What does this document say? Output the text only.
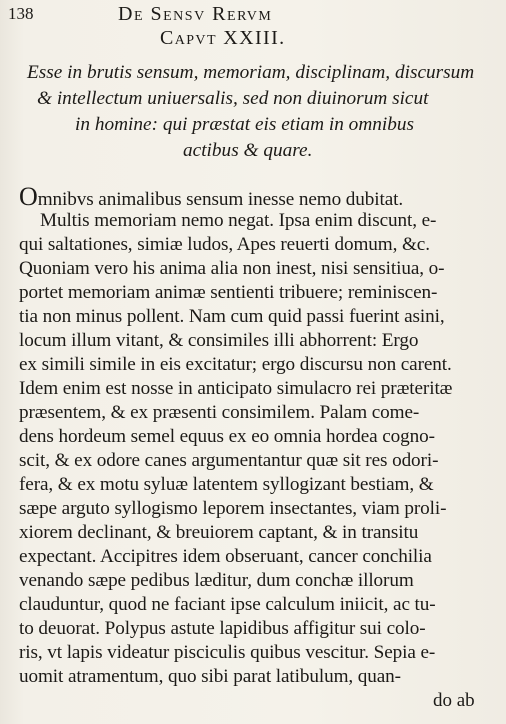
138	De Sensv Rervm
Capvt XXIII.
Esse in brutis sensum, memoriam, disciplinam, discursum
& intellectum uniuersalis, sed non diuinorum sicut
in homine: qui præstat eis etiam in omnibus
actibus & quare.
Omnibvs animalibus sensum inesse nemo dubitat.
Multis memoriam nemo negat. Ipsa enim discunt, e-
qui saltationes, simiæ ludos, Apes reuerti domum, &c.
Quoniam vero his anima alia non inest, nisi sensitiua, o-
portet memoriam animæ sentienti tribuere; reminiscen-
tia non minus pollent. Nam cum quid passi fuerint asini,
locum illum vitant, & consimiles illi abhorrent: Ergo
ex simili simile in eis excitatur; ergo discursu non carent.
Idem enim est nosse in anticipato simulacro rei præteritæ
præsentem, & ex præsenti consimilem. Palam come-
dens hordeum semel equus ex eo omnia hordea cogno-
scit, & ex odore canes argumentantur quæ sit res odori-
fera, & ex motu syluæ latentem syllogizant bestiam, &
sæpe arguto syllogismo leporem insectantes, viam proli-
xiorem declinant, & breuiorem captant, & in transitu
expectant. Accipitres idem obseruant, cancer conchilia
venando sæpe pedibus læditur, dum conchæ illorum
clauduntur, quod ne faciant ipse calculum iniicit, ac tu-
to deuorat. Polypus astute lapidibus affigitur sui colo-
ris, vt lapis videatur pisciculis quibus vescitur. Sepia e-
uomit atramentum, quo sibi parat latibulum, quan-
do ab
